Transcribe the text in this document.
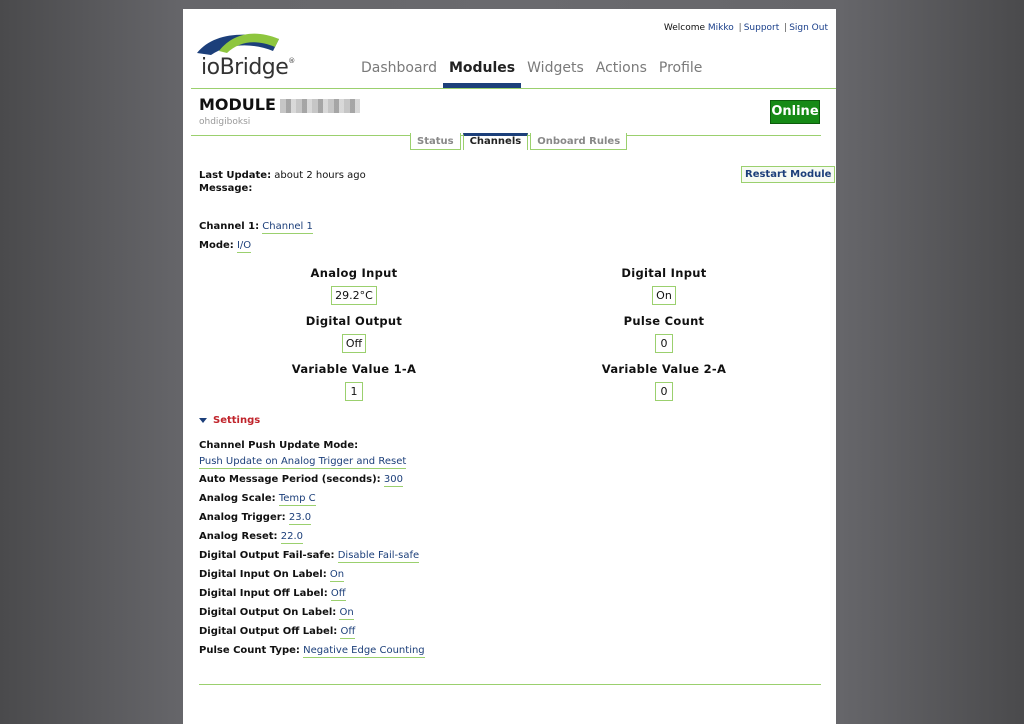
ioBridge®
Welcome Mikko | Support | Sign Out
Dashboard Modules Widgets Actions Profile
MODULE
ohdigiboksi
Online
Status	Channels	Onboard Rules
Last Update: about 2 hours ago
Message:
Restart Module
Channel 1: Channel 1
Mode: I/O
Analog Input
29.2°C
Digital Input
On
Digital Output
Off
Pulse Count
0
Variable Value 1-A
1
Variable Value 2-A
0
Settings
Channel Push Update Mode:
Push Update on Analog Trigger and Reset
Auto Message Period (seconds): 300
Analog Scale: Temp C
Analog Trigger: 23.0
Analog Reset: 22.0
Digital Output Fail-safe: Disable Fail-safe
Digital Input On Label: On
Digital Input Off Label: Off
Digital Output On Label: On
Digital Output Off Label: Off
Pulse Count Type: Negative Edge Counting
